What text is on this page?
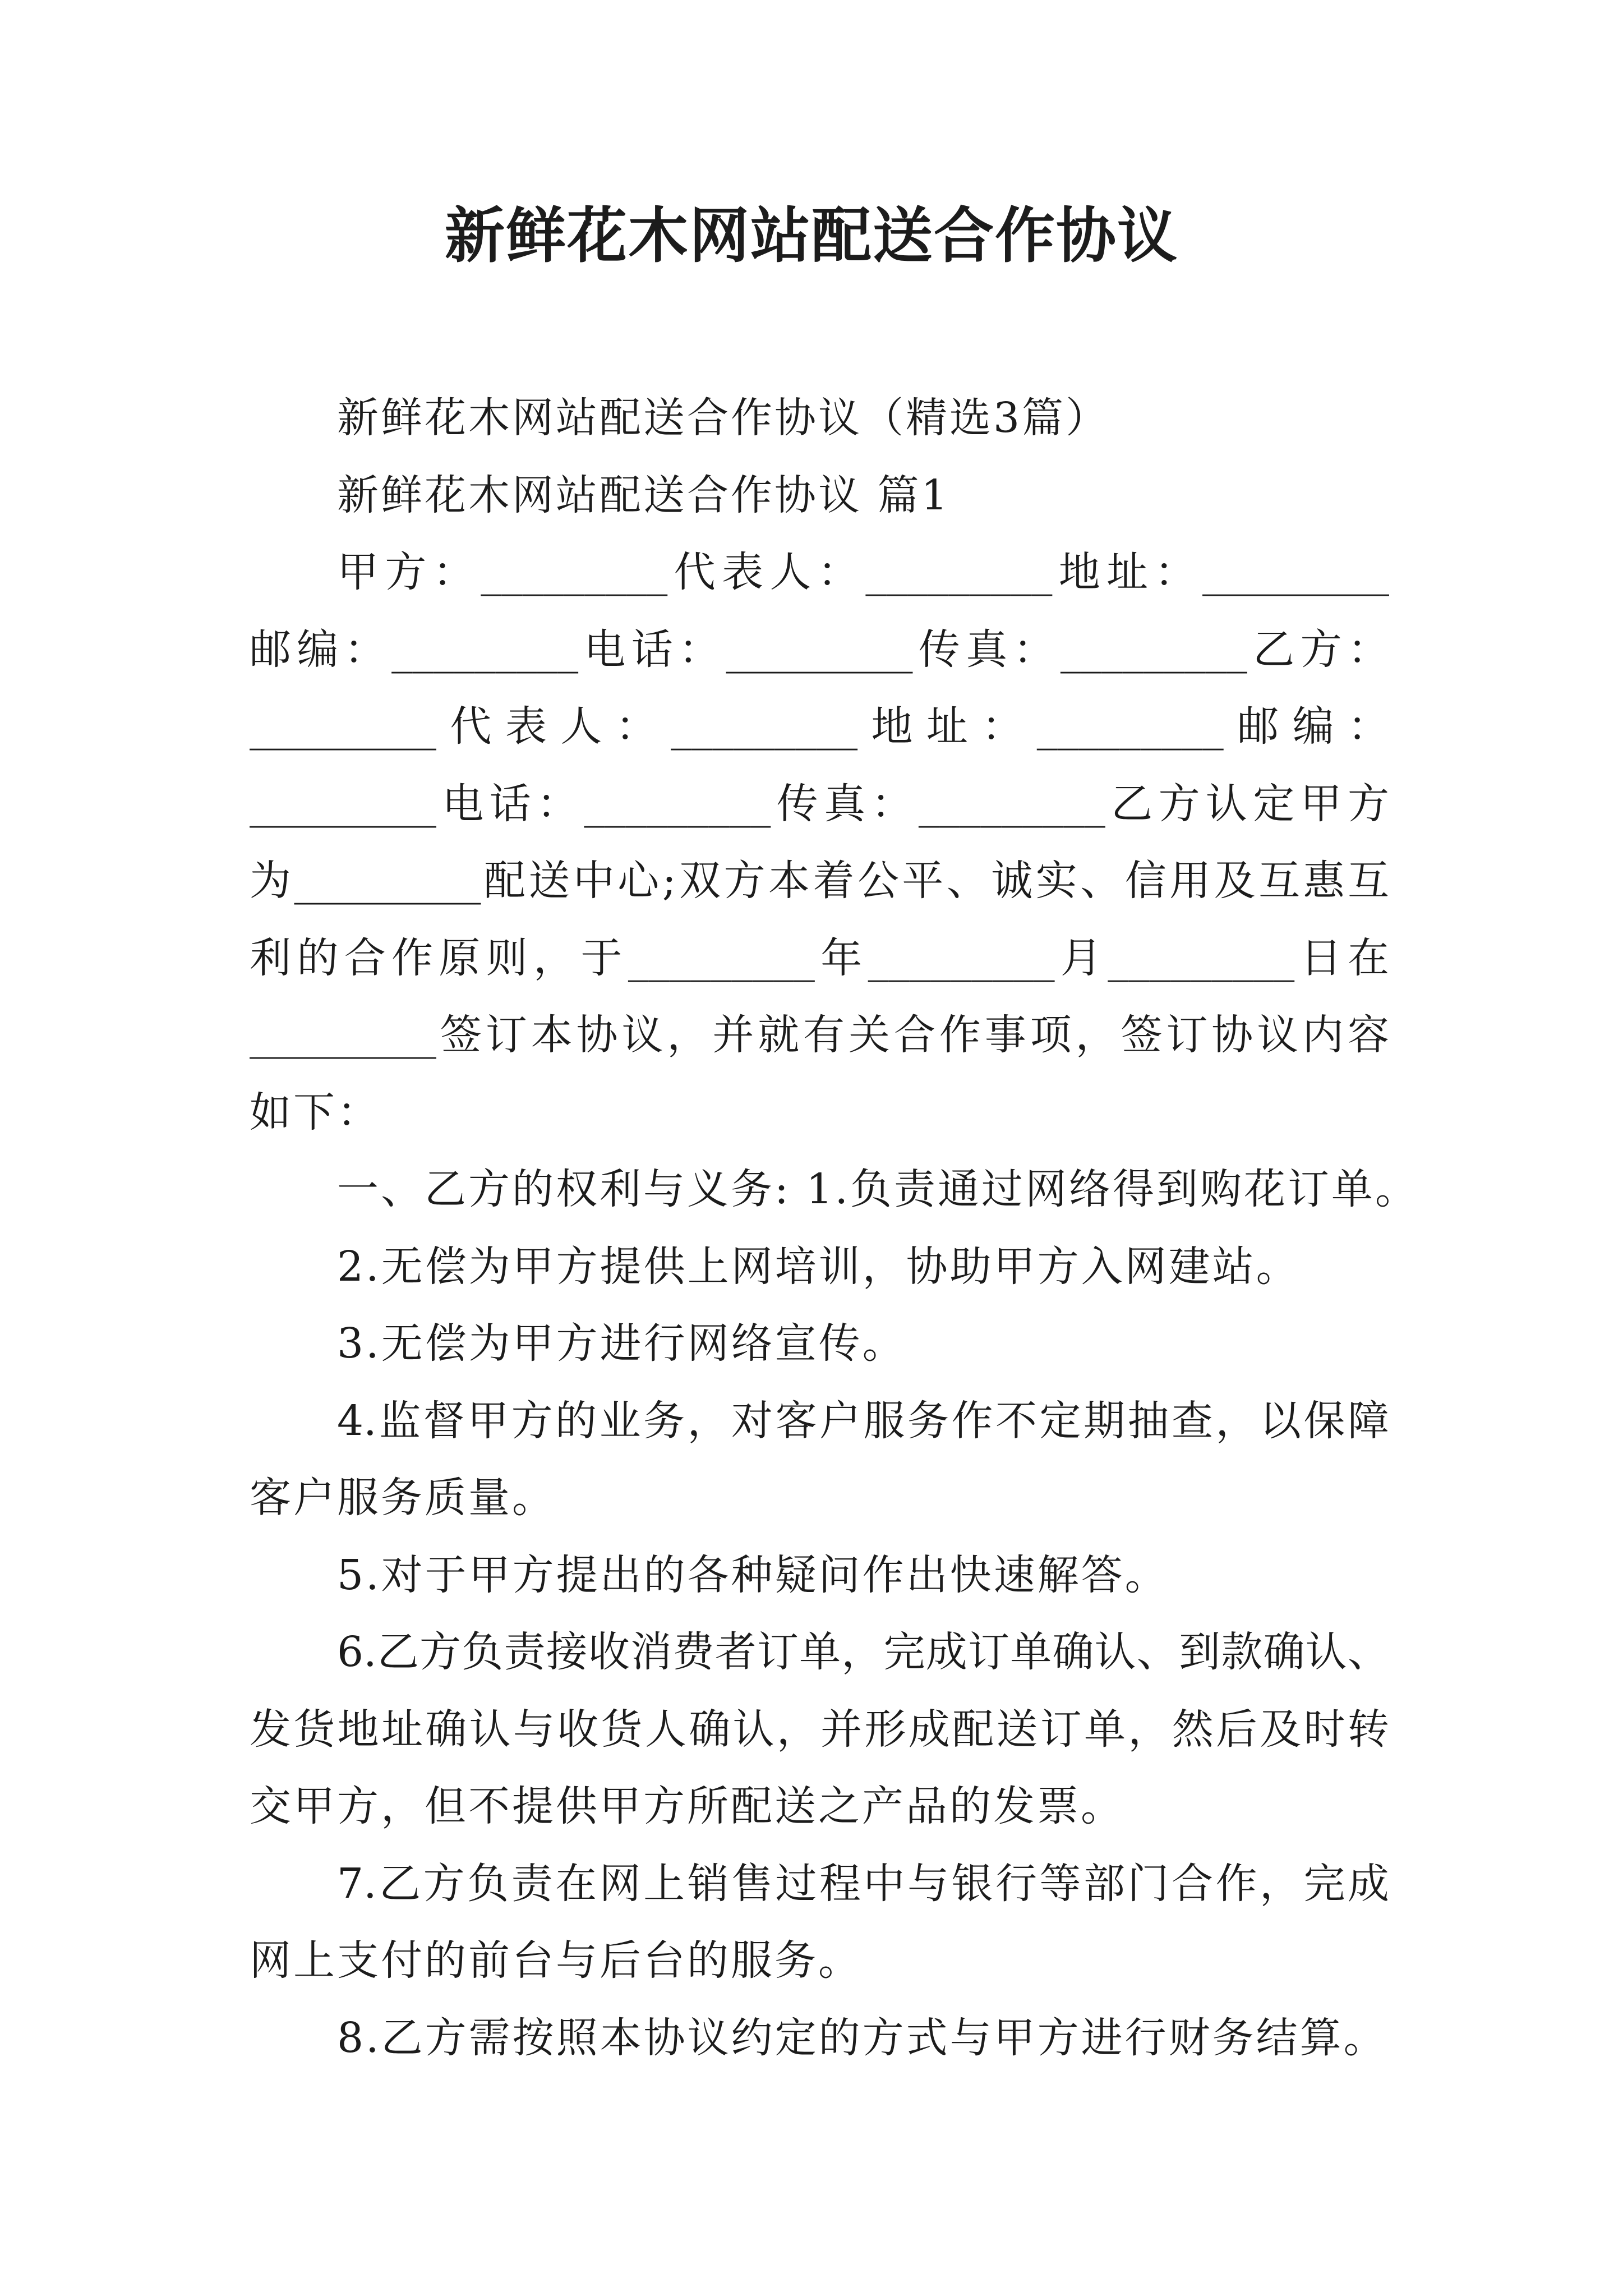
新鲜花木网站配送合作协议
新鲜花木网站配送合作协议（精选3篇）
新鲜花木网站配送合作协议 篇1
甲方：_________代表人：_________地址：_________
邮编：_________电话：_________传真：_________乙方：
_________代表人：_________地址：_________邮编：
_________电话：_________传真：_________乙方认定甲方
为_________配送中心;双方本着公平、诚实、信用及互惠互
利的合作原则，于_________年_________月_________日在
_________签订本协议，并就有关合作事项，签订协议内容
如下：
一、乙方的权利与义务: 1.负责通过网络得到购花订单。
2.无偿为甲方提供上网培训，协助甲方入网建站。
3.无偿为甲方进行网络宣传。
4.监督甲方的业务，对客户服务作不定期抽查，以保障
客户服务质量。
5.对于甲方提出的各种疑问作出快速解答。
6.乙方负责接收消费者订单，完成订单确认、到款确认、
发货地址确认与收货人确认，并形成配送订单，然后及时转
交甲方，但不提供甲方所配送之产品的发票。
7.乙方负责在网上销售过程中与银行等部门合作，完成
网上支付的前台与后台的服务。
8.乙方需按照本协议约定的方式与甲方进行财务结算。
